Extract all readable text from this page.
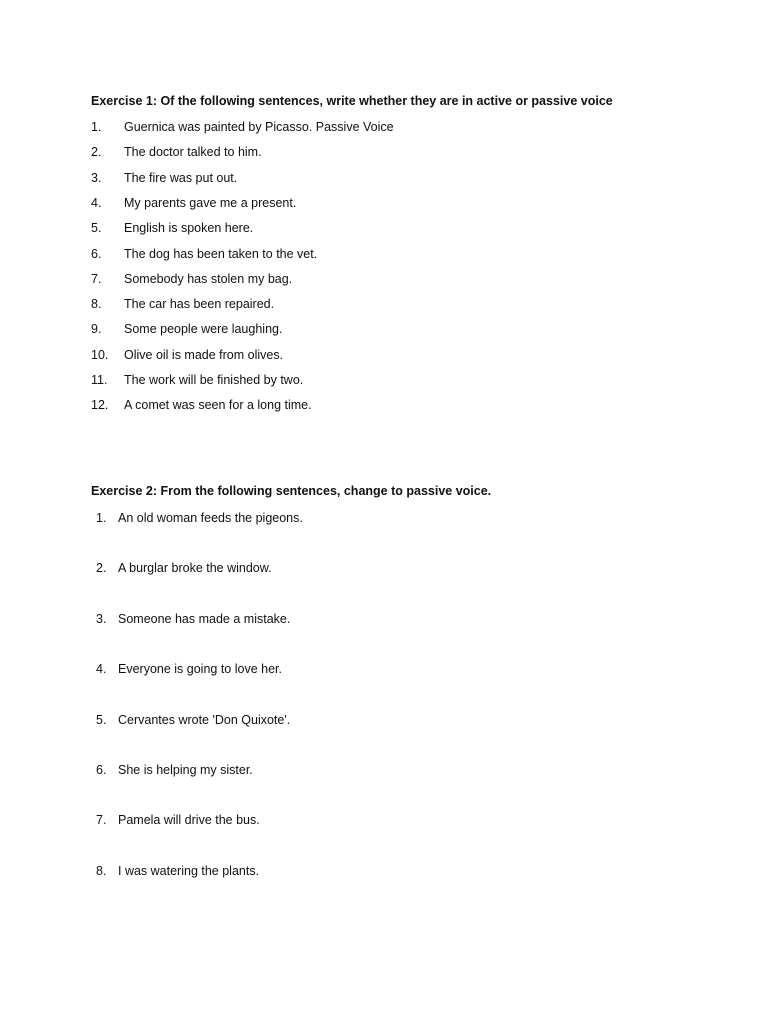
Exercise 1: Of the following sentences, write whether they are in active or passive voice
1. Guernica was painted by Picasso. Passive Voice
2. The doctor talked to him.
3. The fire was put out.
4. My parents gave me a present.
5. English is spoken here.
6. The dog has been taken to the vet.
7. Somebody has stolen my bag.
8. The car has been repaired.
9. Some people were laughing.
10. Olive oil is made from olives.
11. The work will be finished by two.
12. A comet was seen for a long time.
Exercise 2: From the following sentences, change to passive voice.
1. An old woman feeds the pigeons.
2. A burglar broke the window.
3. Someone has made a mistake.
4. Everyone is going to love her.
5. Cervantes wrote 'Don Quixote'.
6. She is helping my sister.
7. Pamela will drive the bus.
8. I was watering the plants.
